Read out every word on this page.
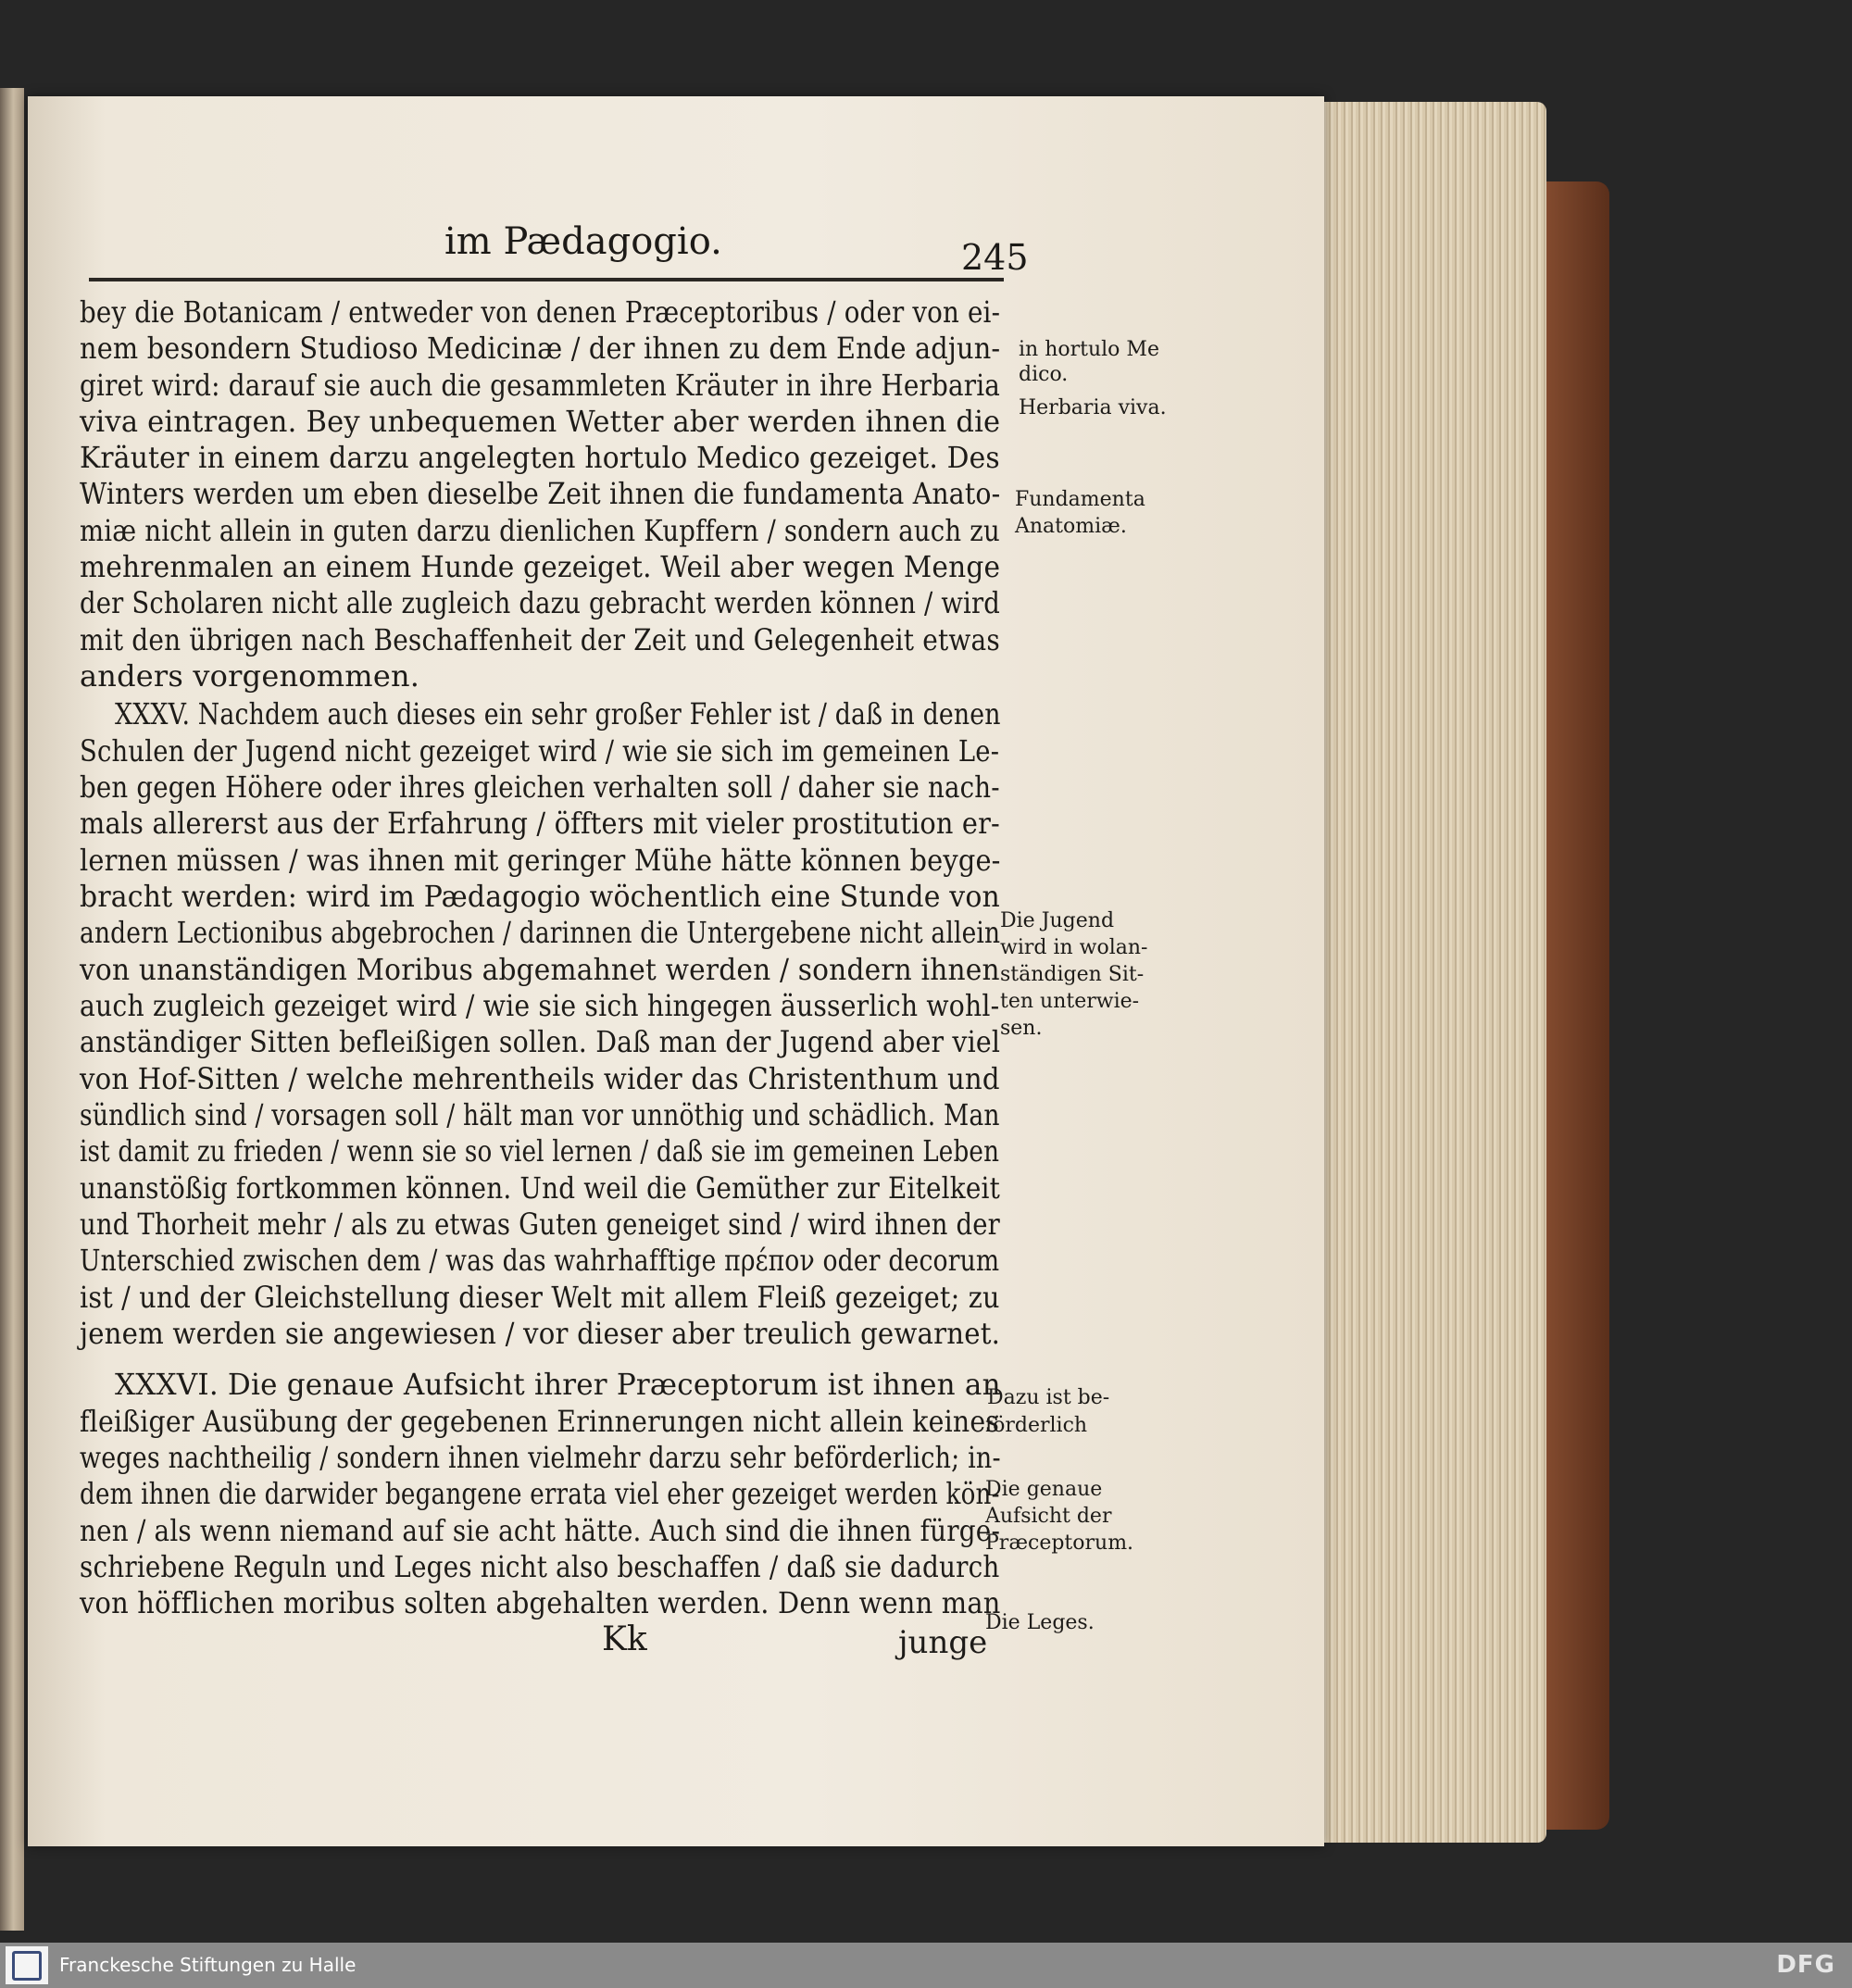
im Pædagogio.	245
bey die Botanicam / entweder von denen Præceptoribus / oder von ei-
nem besondern Studioso Medicinæ / der ihnen zu dem Ende adjun-
giret wird: darauf sie auch die gesammleten Kräuter in ihre Herbaria
viva eintragen. Bey unbequemen Wetter aber werden ihnen die
Kräuter in einem darzu angelegten hortulo Medico gezeiget. Des
Winters werden um eben dieselbe Zeit ihnen die fundamenta Anato-
miæ nicht allein in guten darzu dienlichen Kupffern / sondern auch zu
mehrenmalen an einem Hunde gezeiget. Weil aber wegen Menge
der Scholaren nicht alle zugleich dazu gebracht werden können / wird
mit den übrigen nach Beschaffenheit der Zeit und Gelegenheit etwas
anders vorgenommen.
XXXV. Nachdem auch dieses ein sehr großer Fehler ist / daß in denen
Schulen der Jugend nicht gezeiget wird / wie sie sich im gemeinen Le-
ben gegen Höhere oder ihres gleichen verhalten soll / daher sie nach-
mals allererst aus der Erfahrung / öffters mit vieler prostitution er-
lernen müssen / was ihnen mit geringer Mühe hätte können beyge-
bracht werden: wird im Pædagogio wöchentlich eine Stunde von
andern Lectionibus abgebrochen / darinnen die Untergebene nicht allein
von unanständigen Moribus abgemahnet werden / sondern ihnen
auch zugleich gezeiget wird / wie sie sich hingegen äusserlich wohl-
anständiger Sitten befleißigen sollen. Daß man der Jugend aber viel
von Hof-Sitten / welche mehrentheils wider das Christenthum und
sündlich sind / vorsagen soll / hält man vor unnöthig und schädlich. Man
ist damit zu frieden / wenn sie so viel lernen / daß sie im gemeinen Leben
unanstößig fortkommen können. Und weil die Gemüther zur Eitelkeit
und Thorheit mehr / als zu etwas Guten geneiget sind / wird ihnen der
Unterschied zwischen dem / was das wahrhafftige πρέπον oder decorum
ist / und der Gleichstellung dieser Welt mit allem Fleiß gezeiget; zu
jenem werden sie angewiesen / vor dieser aber treulich gewarnet.
XXXVI. Die genaue Aufsicht ihrer Præceptorum ist ihnen an
fleißiger Ausübung der gegebenen Erinnerungen nicht allein keines
weges nachtheilig / sondern ihnen vielmehr darzu sehr beförderlich; in-
dem ihnen die darwider begangene errata viel eher gezeiget werden kön-
nen / als wenn niemand auf sie acht hätte. Auch sind die ihnen fürge-
schriebene Reguln und Leges nicht also beschaffen / daß sie dadurch
von höfflichen moribus solten abgehalten werden. Denn wenn man
in hortulo Me
dico.
Herbaria viva.
Fundamenta
Anatomiæ.
Die Jugend
wird in wolan-
ständigen Sit-
ten unterwie-
sen.
Dazu ist be-
förderlich
Die genaue
Aufsicht der
Præceptorum.
Die Leges.
Kk	junge
Franckesche Stiftungen zu Halle	DFG
